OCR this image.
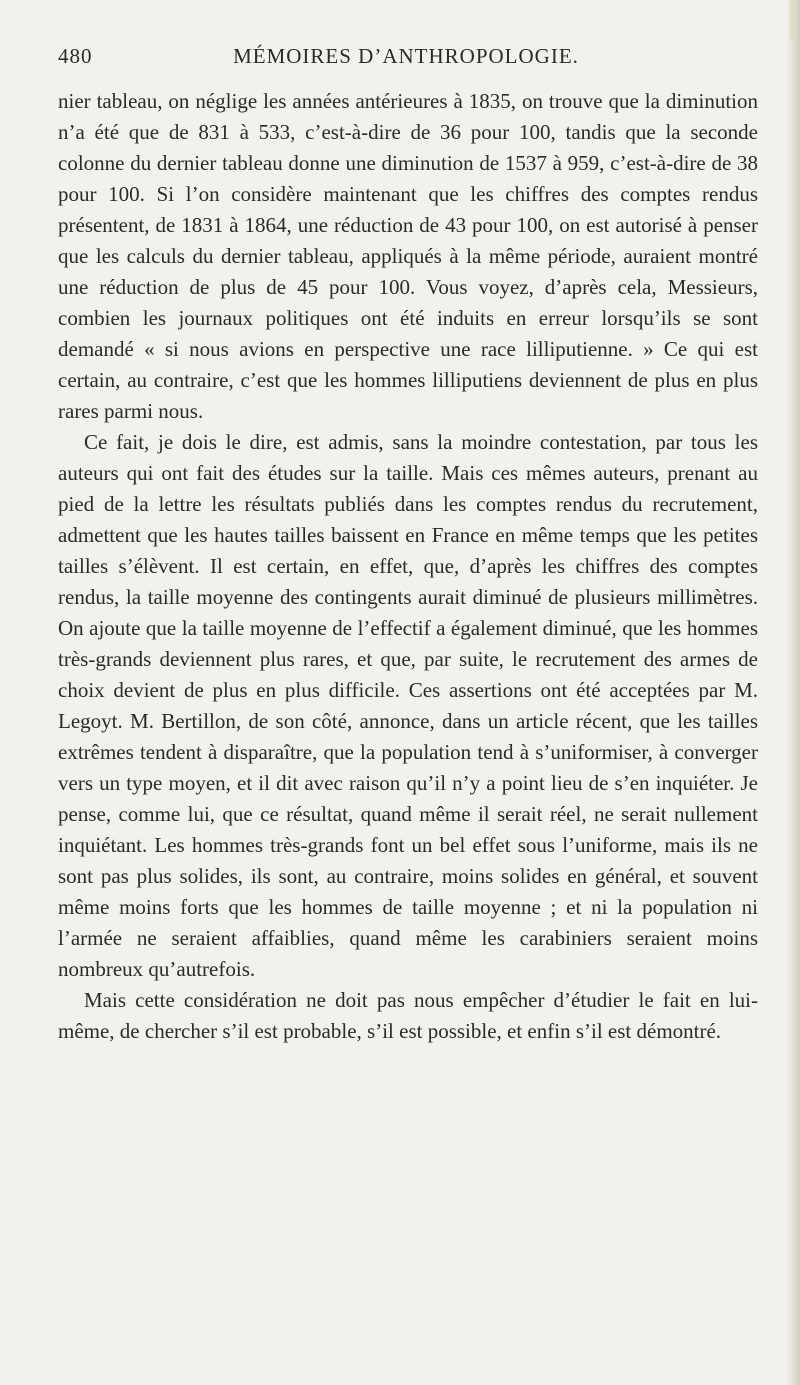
480	MÉMOIRES D’ANTHROPOLOGIE.

nier tableau, on néglige les années antérieures à 1835, on trouve que la diminution n’a été que de 831 à 533, c’est-à-dire de 36 pour 100, tandis que la seconde colonne du dernier tableau donne une diminution de 1537 à 959, c’est-à-dire de 38 pour 100. Si l’on considère maintenant que les chiffres des comptes rendus présentent, de 1831 à 1864, une réduction de 43 pour 100, on est autorisé à penser que les calculs du dernier tableau, appliqués à la même période, auraient montré une réduction de plus de 45 pour 100. Vous voyez, d’après cela, Messieurs, combien les journaux politiques ont été induits en erreur lorsqu’ils se sont demandé « si nous avions en perspective une race lilliputienne. » Ce qui est certain, au contraire, c’est que les hommes lilliputiens deviennent de plus en plus rares parmi nous.

Ce fait, je dois le dire, est admis, sans la moindre contestation, par tous les auteurs qui ont fait des études sur la taille. Mais ces mêmes auteurs, prenant au pied de la lettre les résultats publiés dans les comptes rendus du recrutement, admettent que les hautes tailles baissent en France en même temps que les petites tailles s’élèvent. Il est certain, en effet, que, d’après les chiffres des comptes rendus, la taille moyenne des contingents aurait diminué de plusieurs millimètres. On ajoute que la taille moyenne de l’effectif a également diminué, que les hommes très-grands deviennent plus rares, et que, par suite, le recrutement des armes de choix devient de plus en plus difficile. Ces assertions ont été acceptées par M. Legoyt. M. Bertillon, de son côté, annonce, dans un article récent, que les tailles extrêmes tendent à disparaître, que la population tend à s’uniformiser, à converger vers un type moyen, et il dit avec raison qu’il n’y a point lieu de s’en inquiéter. Je pense, comme lui, que ce résultat, quand même il serait réel, ne serait nullement inquiétant. Les hommes très-grands font un bel effet sous l’uniforme, mais ils ne sont pas plus solides, ils sont, au contraire, moins solides en général, et souvent même moins forts que les hommes de taille moyenne ; et ni la population ni l’armée ne seraient affaiblies, quand même les carabiniers seraient moins nombreux qu’autrefois.

Mais cette considération ne doit pas nous empêcher d’étudier le fait en lui-même, de chercher s’il est probable, s’il est possible, et enfin s’il est démontré.
